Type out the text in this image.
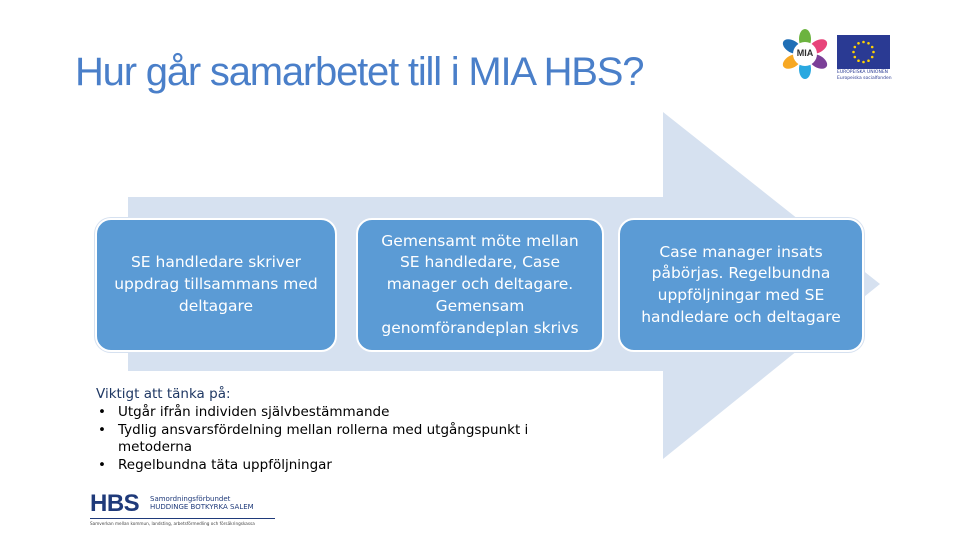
Hur går samarbetet till i MIA HBS?
SE handledare skriver
uppdrag tillsammans med
deltagare
Gemensamt möte mellan
SE handledare, Case
manager och deltagare.
Gemensam
genomförandeplan skrivs
Case manager insats
påbörjas. Regelbundna
uppföljningar med SE
handledare och deltagare
Viktigt att tänka på:
• Utgår ifrån individen självbestämmande
• Tydlig ansvarsfördelning mellan rollerna med utgångspunkt i metoderna
• Regelbundna täta uppföljningar
MIA
EUROPEISKA UNIONEN
Europeiska socialfonden
HBS Samordningsförbundet
HUDDINGE BOTKYRKA SALEM
Samverkan mellan kommun, landsting, arbetsförmedling och försäkringskassa
